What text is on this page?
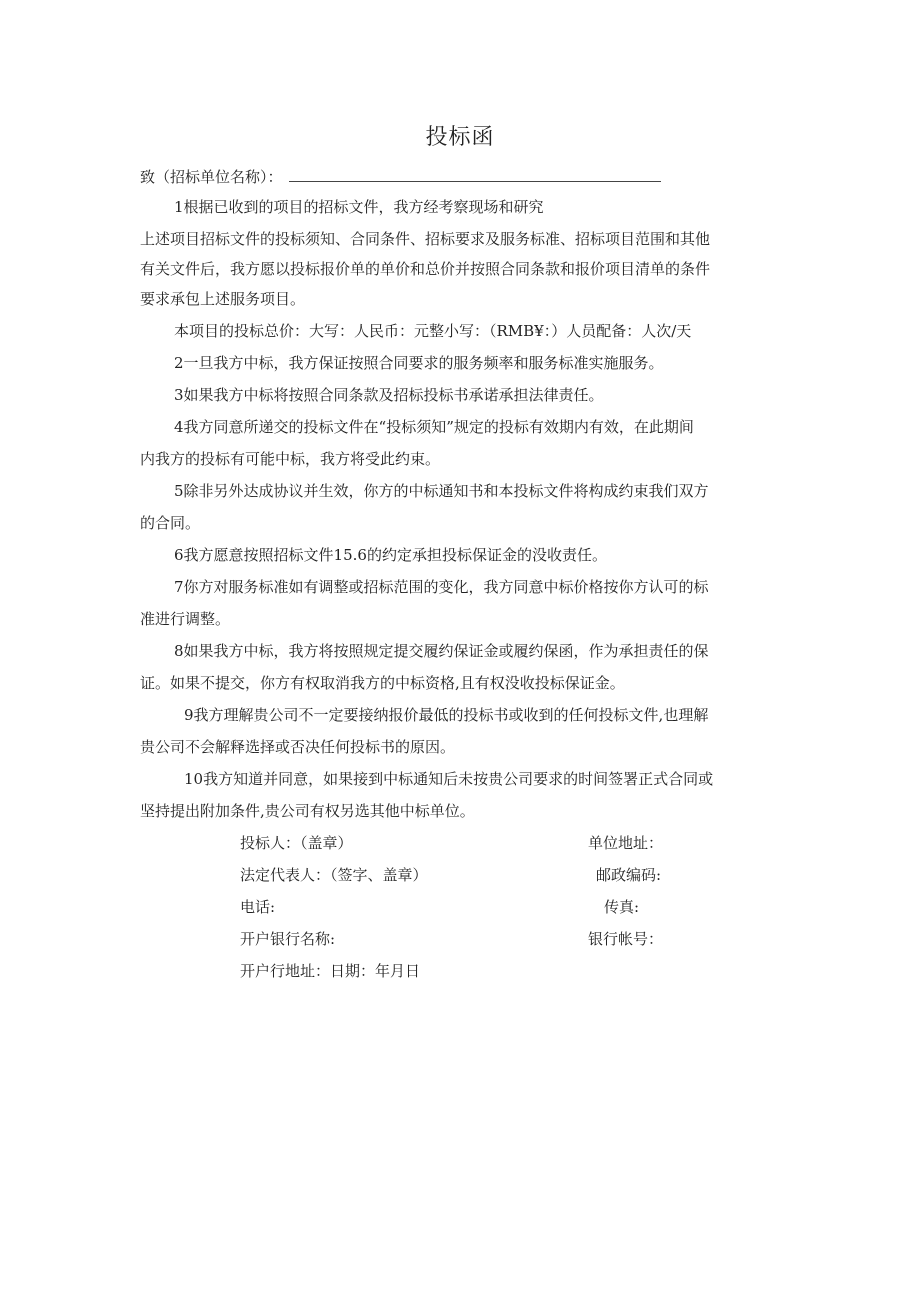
投标函
致（招标单位名称）：
1根据已收到的项目的招标文件，我方经考察现场和研究
上述项目招标文件的投标须知、合同条件、招标要求及服务标准、招标项目范围和其他
有关文件后，我方愿以投标报价单的单价和总价并按照合同条款和报价项目清单的条件
要求承包上述服务项目。
本项目的投标总价：大写：人民币：元整小写：（RMB¥：）人员配备：人次/天
2一旦我方中标，我方保证按照合同要求的服务频率和服务标准实施服务。
3如果我方中标将按照合同条款及招标投标书承诺承担法律责任。
4我方同意所递交的投标文件在“投标须知”规定的投标有效期内有效，在此期间
内我方的投标有可能中标，我方将受此约束。
5除非另外达成协议并生效，你方的中标通知书和本投标文件将构成约束我们双方
的合同。
6我方愿意按照招标文件15.6的约定承担投标保证金的没收责任。
7你方对服务标准如有调整或招标范围的变化，我方同意中标价格按你方认可的标
准进行调整。
8如果我方中标，我方将按照规定提交履约保证金或履约保函，作为承担责任的保
证。如果不提交，你方有权取消我方的中标资格,且有权没收投标保证金。
9我方理解贵公司不一定要接纳报价最低的投标书或收到的任何投标文件,也理解
贵公司不会解释选择或否决任何投标书的原因。
10我方知道并同意，如果接到中标通知后未按贵公司要求的时间签署正式合同或
坚持提出附加条件,贵公司有权另选其他中标单位。
投标人：（盖章）	单位地址：
法定代表人：（签字、盖章）	邮政编码:
电话:	传真:
开户银行名称:	银行帐号：
开户行地址：日期：年月日
